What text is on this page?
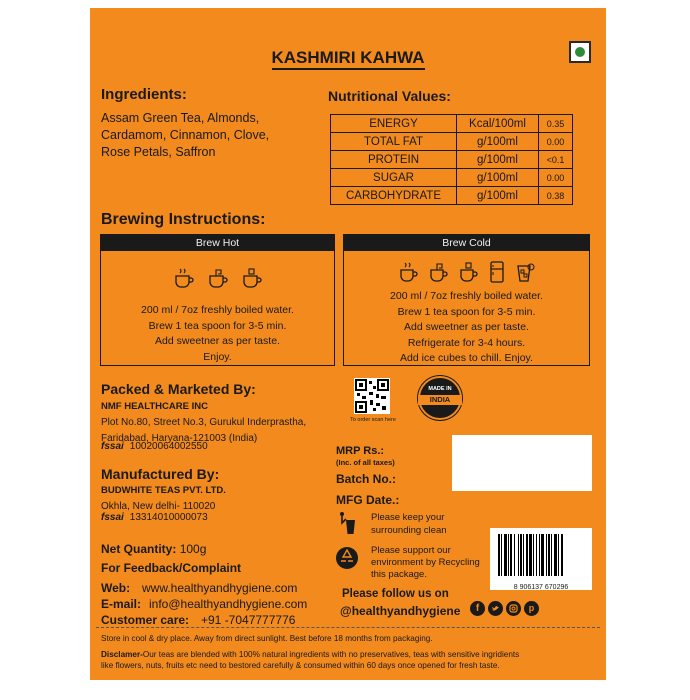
KASHMIRI KAHWA
Ingredients:
Assam Green Tea, Almonds,
Cardamom, Cinnamon, Clove,
Rose Petals, Saffron
Nutritional Values:
ENERGY	Kcal/100ml	0.35
TOTAL FAT	g/100ml	0.00
PROTEIN	g/100ml	<0.1
SUGAR	g/100ml	0.00
CARBOHYDRATE	g/100ml	0.38
Brewing Instructions:
Brew Hot
200 ml / 7oz freshly boiled water.
Brew 1 tea spoon for 3-5 min.
Add sweetner as per taste.
Enjoy.
Brew Cold
200 ml / 7oz freshly boiled water.
Brew 1 tea spoon for 3-5 min.
Add sweetner as per taste.
Refrigerate for 3-4 hours.
Add ice cubes to chill. Enjoy.
Packed & Marketed By:
NMF HEALTHCARE INC
Plot No.80, Street No.3, Gurukul Inderprastha,
Faridabad, Haryana-121003 (India)
fssai 10020064002550
To order scan here
MADE IN
INDIA
Manufactured By:
BUDWHITE TEAS PVT. LTD.
Okhla, New delhi- 110020
fssai 13314010000073
Net Quantity: 100g
For Feedback/Complaint
Web: www.healthyandhygiene.com
E-mail: info@healthyandhygiene.com
Customer care: +91 -7047777776
MRP Rs.:
(Inc. of all taxes)
Batch No.:
MFG Date.:
Please keep your
surrounding clean
Please support our
environment by Recycling
this package.
Please follow us on
@healthyandhygiene	f	p
8 906137 670296
Store in cool & dry place. Away from direct sunlight. Best before 18 months from packaging.
Disclamer-Our teas are blended with 100% natural ingredients with no preservatives, teas with sensitive ingridients
like flowers, nuts, fruits etc need to bestored carefully & consumed within 60 days once opened for fresh taste.
